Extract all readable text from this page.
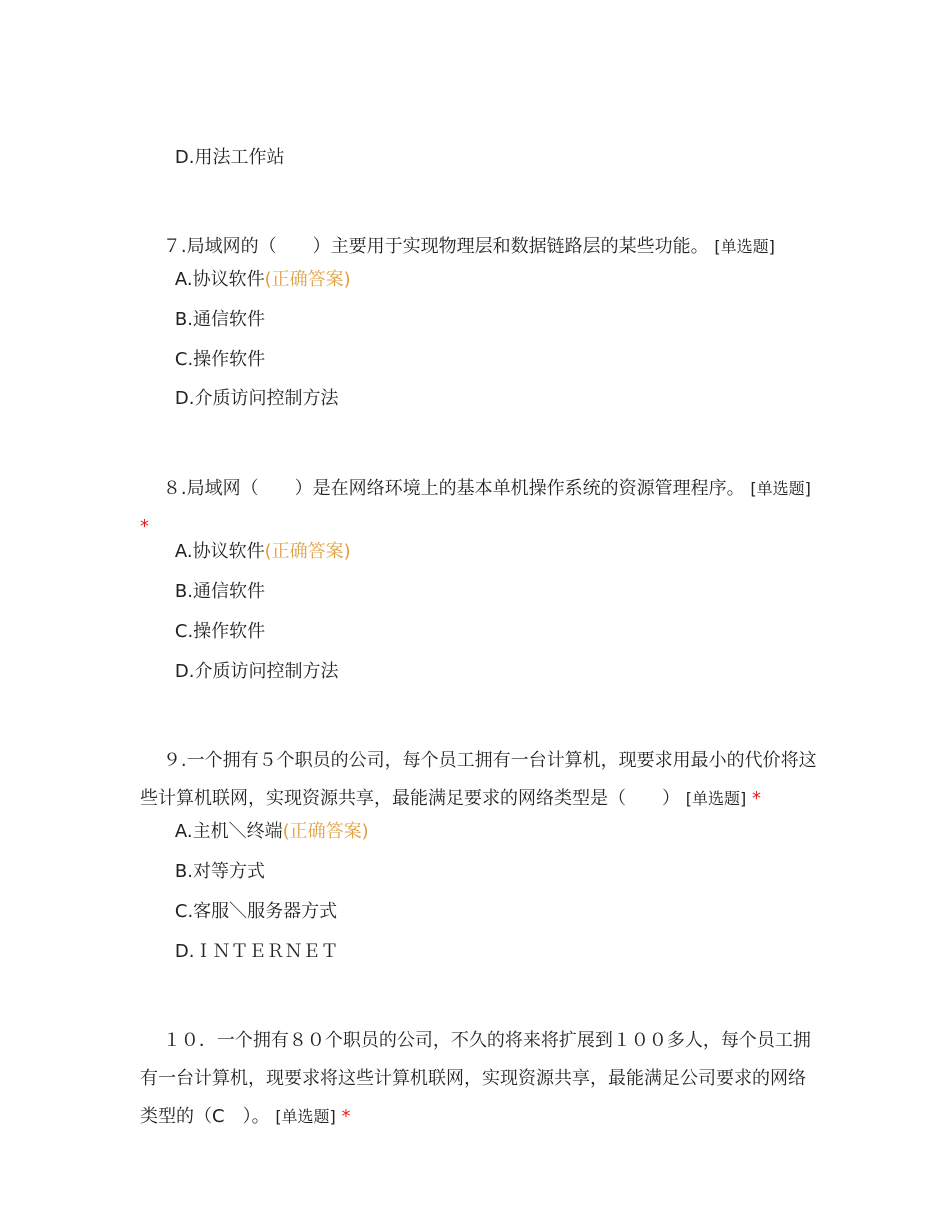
D.用法工作站

７.局域网的（　　）主要用于实现物理层和数据链路层的某些功能。 [单选题]

A.协议软件(正确答案)

B.通信软件

C.操作软件

D.介质访问控制方法

８.局域网（　　）是在网络环境上的基本单机操作系统的资源管理程序。 [单选题] *

A.协议软件(正确答案)

B.通信软件

C.操作软件

D.介质访问控制方法

９.一个拥有５个职员的公司，每个员工拥有一台计算机，现要求用最小的代价将这些计算机联网，实现资源共享，最能满足要求的网络类型是（　　） [单选题] *

A.主机＼终端(正确答案)

B.对等方式

C.客服＼服务器方式

D.ＩＮＴＥＲＮＥＴ

１０．一个拥有８０个职员的公司，不久的将来将扩展到１００多人，每个员工拥有一台计算机，现要求将这些计算机联网，实现资源共享，最能满足公司要求的网络类型的（C　）。 [单选题] *
